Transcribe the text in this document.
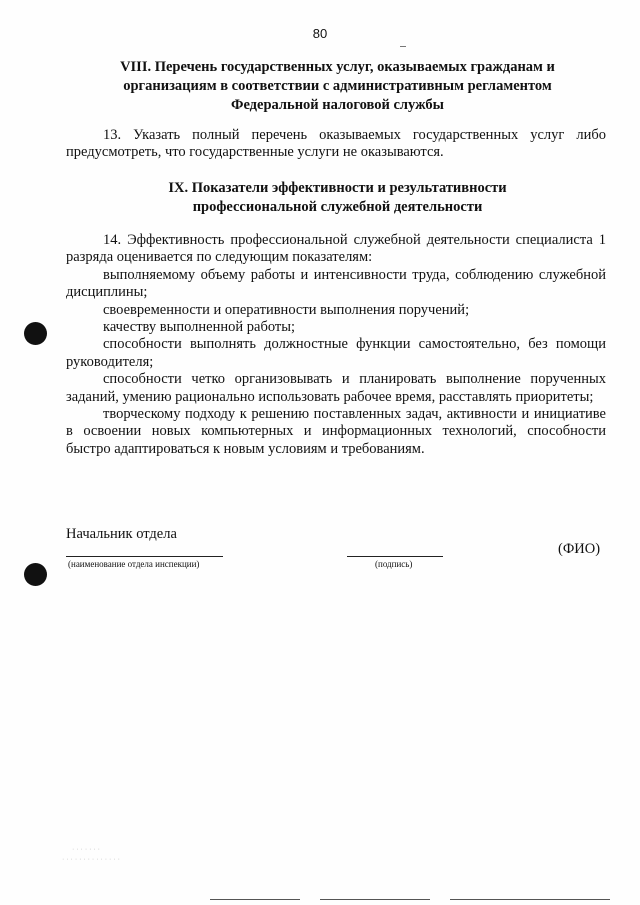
80
VIII. Перечень государственных услуг, оказываемых гражданам и
организациям в соответствии с административным регламентом
Федеральной налоговой службы

13. Указать полный перечень оказываемых государственных услуг либо предусмотреть, что государственные услуги не оказываются.

IX. Показатели эффективности и результативности
профессиональной служебной деятельности

14. Эффективность профессиональной служебной деятельности специалиста 1 разряда оценивается по следующим показателям:

выполняемому объему работы и интенсивности труда, соблюдению служебной дисциплины;

своевременности и оперативности выполнения поручений;

качеству выполненной работы;

способности выполнять должностные функции самостоятельно, без помощи руководителя;

способности четко организовывать и планировать выполнение порученных заданий, умению рационально использовать рабочее время, расставлять приоритеты;

творческому подходу к решению поставленных задач, активности и инициативе в освоении новых компьютерных и информационных технологий, способности быстро адаптироваться к новым условиям и требованиям.

Начальник отдела
(наименование отдела инспекции)	(подпись)
(ФИО)
· · · · · · ·
· · · · · · · · · · · · · ·
